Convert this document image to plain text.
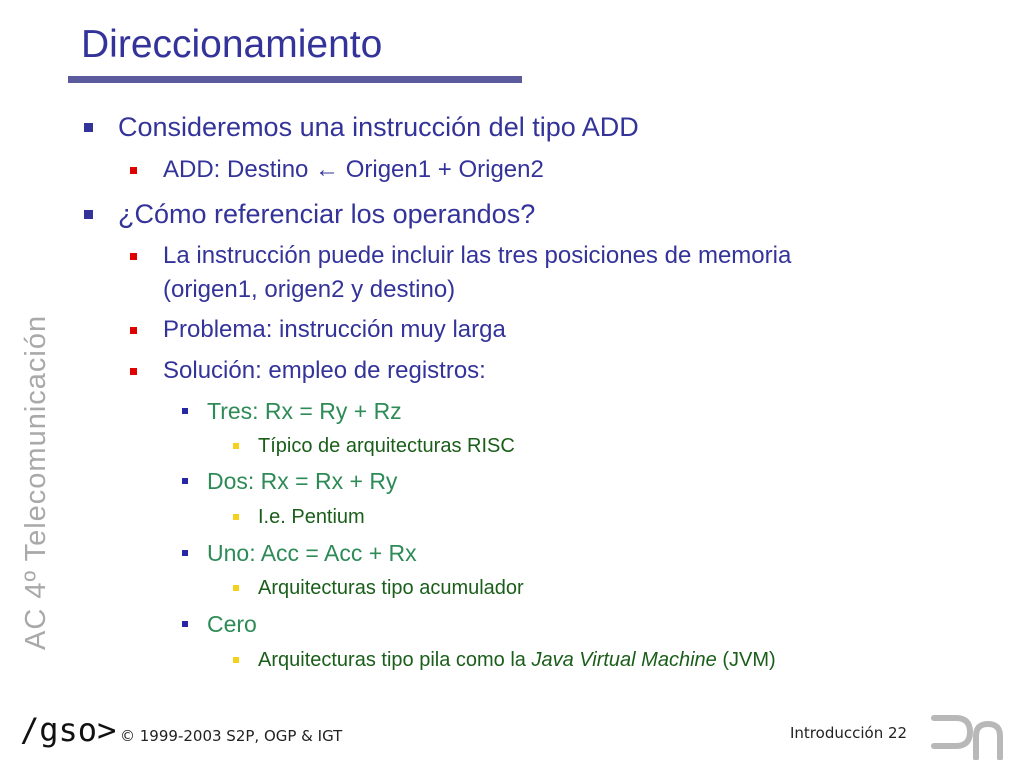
Direccionamiento
AC 4º Telecomunicación
Consideremos una instrucción del tipo ADD
ADD: Destino ← Origen1 + Origen2
¿Cómo referenciar los operandos?
La instrucción puede incluir las tres posiciones de memoria
(origen1, origen2 y destino)
Problema: instrucción muy larga
Solución: empleo de registros:
Tres: Rx = Ry + Rz
Típico de arquitecturas RISC
Dos: Rx = Rx + Ry
I.e. Pentium
Uno: Acc = Acc + Rx
Arquitecturas tipo acumulador
Cero
Arquitecturas tipo pila como la Java Virtual Machine (JVM)
/gso> © 1999-2003 S2P, OGP & IGT	Introducción 22
